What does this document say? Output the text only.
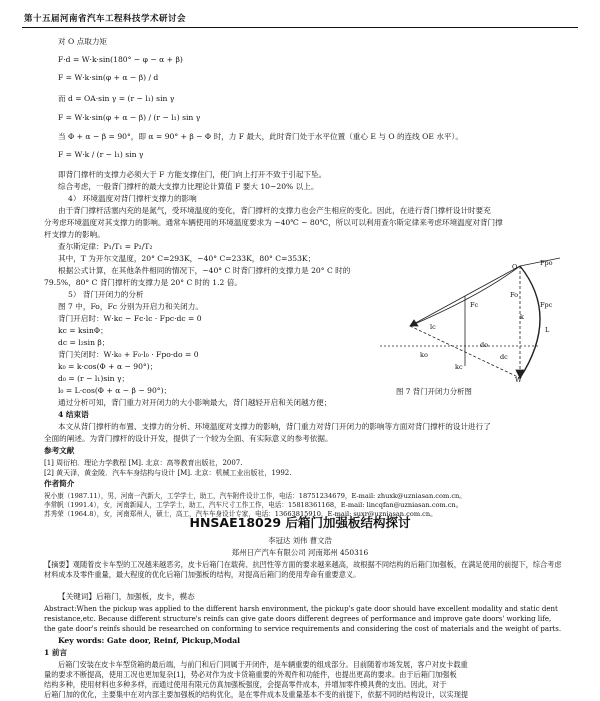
第十五届河南省汽车工程科技学术研讨会
对 O 点取力矩
F·d = W·k·sin(180° − φ − α + β)
F = W·k·sin(φ + α − β) / d
而 d = OA·sin γ = (r − l₁) sin γ
F = W·k·sin(φ + α − β) / (r − l₁) sin γ
当 Φ + α − β = 90°，即 α = 90° + β − Φ 时，力 F 最大，此时背门处于水平位置（重心 E 与 O 的连线 OE 水平）。
F = W·k / (r − l₁) sin γ
即背门撑杆的支撑力必须大于 F 方能支撑住门，使门向上打开不致于引起下坠。
综合考虑，一般背门撑杆的最大支撑力比理论计算值 F 要大 10~20% 以上。
4） 环境温度对背门撑杆支撑力的影响
由于背门撑杆活塞内充的是氮气，受环境温度的变化，背门撑杆的支撑力也会产生相应的变化。因此，在进行背门撑杆设计时要充
分考虑环境温度对其支撑力的影响。通常车辆使用的环境温度要求为 −40℃ ~ 80℃，所以可以利用查尔斯定律来考虑环境温度对背门撑
杆支撑力的影响。
查尔斯定律：P₁/T₁ = P₂/T₂
其中，T 为开尔文温度，20° C=293K，−40° C=233K，80° C=353K；
根据公式计算，在其他条件相同的情况下，−40° C 时背门撑杆的支撑力是 20° C 时的
79.5%，80° C 背门撑杆的支撑力是 20° C 时的 1.2 倍。
5） 背门开闭力的分析
图 7 中，Fo，Fc 分别为开启力和关闭力。
背门开启时：W·kc − Fc·lc · Fpc·dc = 0
kc = ksinΦ；
dc = l₂sin β；
背门关闭时：W·k₀ + F₀·l₀ · Fpo·do = 0
k₀ = k·cos(Φ + α − 90°)；
d₀ = (r − l₁)sin γ；
l₀ = L·cos(Φ + α − β − 90°)；
通过分析可知，背门重力对开闭力的大小影响最大，背门越轻开启和关闭越方便；
4 结束语
本文从背门撑杆的布置、支撑力的分析、环境温度对支撑力的影响，背门重力对背门开闭力的影响等方面对背门撑杆的设计进行了
全面的阐述。为背门撑杆的设计开发，提供了一个较为全面、有实际意义的参考依据。
参考文献
[1] 周衍柏．理论力学教程 [M]. 北京：高等教育出版社，2007.
[2] 黄天泽，黄金陵．汽车车身结构与设计 [M]. 北京：机械工业出版社，1992.
作者简介
祝小康（1987.11），男，河南一汽新大，工学学士，助工，汽车附件设计工作，电话：18751234679，E-mail: zhuxk@uzniasan.com.cn。
李常帆（1991.4），女，河南新闻人，工学学士，助工，汽车尺寸工作工作，电话：15818361168，E-mail: lincqfan@uzniasan.com.cn。
苏秀荣（1964.8），女，河南郑州人，硕士，高工，汽车车身设计专家，电话：13663815910，E-mail: suxr@uzniasan.com.cn。
Fpo
Fpc
Fo
Fc
lc
do
dc
ko
kc
k
L
O
W
图 7 背门开闭力分析图
HNSAE18029 后箱门加强板结构探讨
李冠达 刘伟 曹文浩
郑州日产汽车有限公司 河南郑州 450316
【摘要】观随着皮卡车型的工况越来越恶劣，皮卡后箱门在载荷、抗凹性等方面的要求越来越高，故根据不同结构的后箱门加强板，在满足使用的前提下，综合考虑材料成本及零件重量，最大程度的优化后箱门加强板的结构，对提高后箱门的使用寿命有重要意义。
【关键词】后箱门，加强板，皮卡，模态
Abstract:When the pickup was applied to the different harsh environment, the pickup's gate door should have excellent modality and static dent resistance,etc. Because different structure's reinfs can give gate doors different degrees of performance and improve gate doors' working life, the gate door's reinfs should be researched on conforming to service requirements and considering the cost of materials and the weight of parts.
Key words: Gate door, Reinf, Pickup,Modal
1 前言
后箱门安装在皮卡车型货箱的最后端，与前门和后门同属于开闭件，是车辆重要的组成部分。目前随着市场发展，客户对皮卡载重
量的要求不断提高，使用工况也更加复杂[1]，势必对作为皮卡货箱重要的外观件和功能件，也提出更高的要求。由于后箱门加强板
结构多种，使用材料也多种多样，而通过使用有限元仿真加强板强度，会提高零件成本，并增加零件模具费的支出。因此，对于
后箱门加的优化，主要集中在对内部主要加强板的结构优化，是在零件成本及重量基本不变的前提下，依据不同的结构设计，以实现提
